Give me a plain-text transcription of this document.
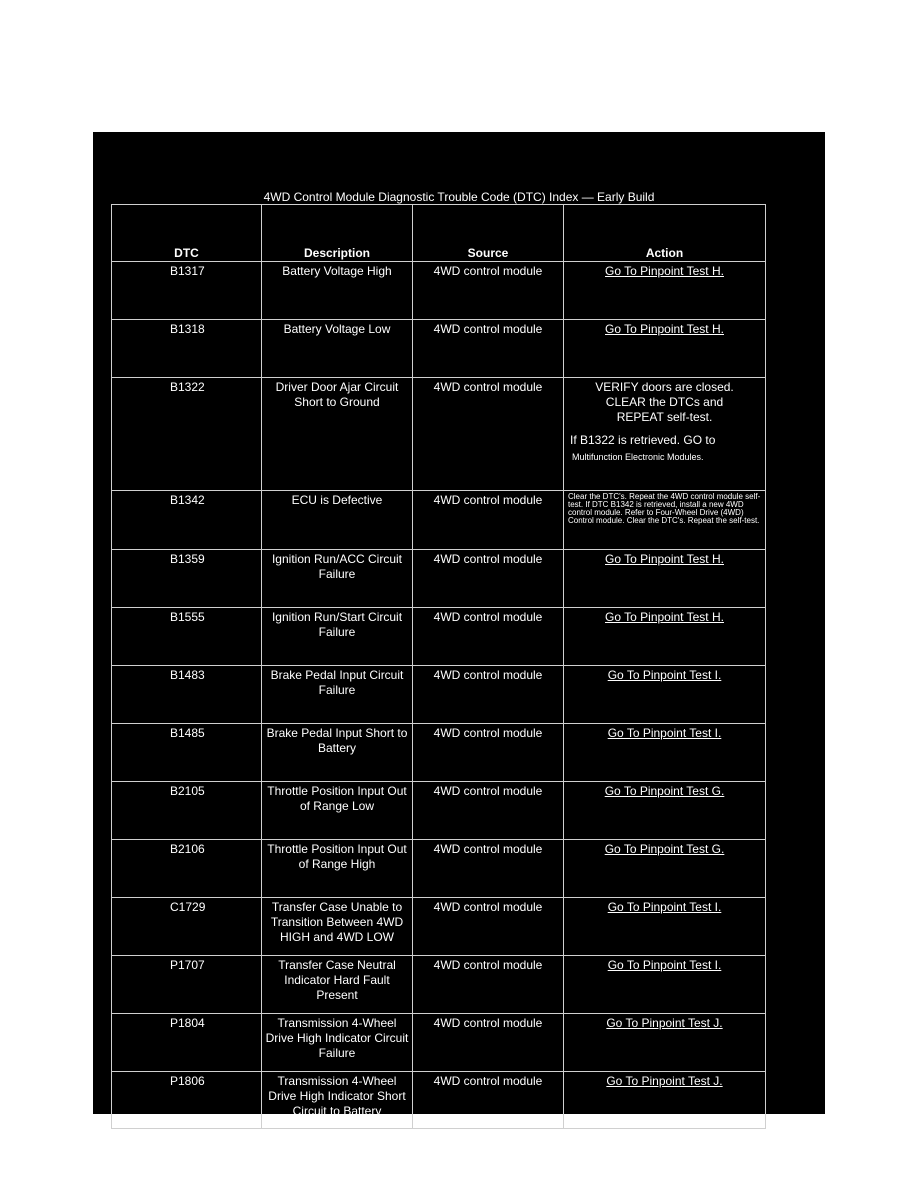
4WD Control Module Diagnostic Trouble Code (DTC) Index — Early Build
DTC	Description	Source	Action
B1317	Battery Voltage High	4WD control module	Go To Pinpoint Test H.
B1318	Battery Voltage Low	4WD control module	Go To Pinpoint Test H.
B1322	Driver Door Ajar Circuit Short to Ground	4WD control module	VERIFY doors are closed.
CLEAR the DTCs and
REPEAT self-test.
If B1322 is retrieved. GO to
Multifunction Electronic Modules.

B1342	ECU is Defective	4WD control module	Clear the DTC's. Repeat the 4WD control module self-test. If DTC B1342 is retrieved, install a new 4WD control module. Refer to Four-Wheel Drive (4WD) Control module. Clear the DTC's. Repeat the self-test.

B1359	Ignition Run/ACC Circuit Failure	4WD control module	Go To Pinpoint Test H.
B1555	Ignition Run/Start Circuit Failure	4WD control module	Go To Pinpoint Test H.
B1483	Brake Pedal Input Circuit Failure	4WD control module	Go To Pinpoint Test I.
B1485	Brake Pedal Input Short to Battery	4WD control module	Go To Pinpoint Test I.
B2105	Throttle Position Input Out of Range Low	4WD control module	Go To Pinpoint Test G.
B2106	Throttle Position Input Out of Range High	4WD control module	Go To Pinpoint Test G.
C1729	Transfer Case Unable to Transition Between 4WD HIGH and 4WD LOW	4WD control module	Go To Pinpoint Test I.
P1707	Transfer Case Neutral Indicator Hard Fault Present	4WD control module	Go To Pinpoint Test I.
P1804	Transmission 4-Wheel Drive High Indicator Circuit Failure	4WD control module	Go To Pinpoint Test J.
P1806	Transmission 4-Wheel Drive High Indicator Short Circuit to Battery	4WD control module	Go To Pinpoint Test J.
